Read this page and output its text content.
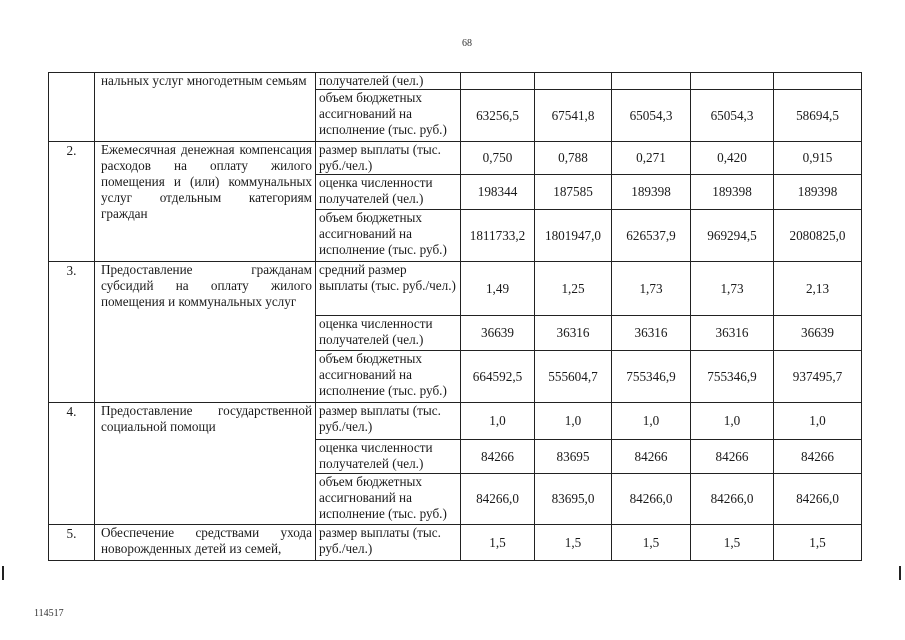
68
	нальных услуг многодетным семьям	получателей (чел.)					
		объем бюджетных ассигнований на исполнение (тыс. руб.)	63256,5	67541,8	65054,3	65054,3	58694,5
2.	Ежемесячная денежная компенсация расходов на оплату жилого помещения и (или) коммунальных услуг отдельным категориям граждан	размер выплаты (тыс. руб./чел.)	0,750	0,788	0,271	0,420	0,915
		оценка численности получателей (чел.)	198344	187585	189398	189398	189398
		объем бюджетных ассигнований на исполнение (тыс. руб.)	1811733,2	1801947,0	626537,9	969294,5	2080825,0
3.	Предоставление гражданам субсидий на оплату жилого помещения и коммунальных услуг	средний размер выплаты (тыс. руб./чел.)	1,49	1,25	1,73	1,73	2,13
		оценка численности получателей (чел.)	36639	36316	36316	36316	36639
		объем бюджетных ассигнований на исполнение (тыс. руб.)	664592,5	555604,7	755346,9	755346,9	937495,7
4.	Предоставление государственной социальной помощи	размер выплаты (тыс. руб./чел.)	1,0	1,0	1,0	1,0	1,0
		оценка численности получателей (чел.)	84266	83695	84266	84266	84266
		объем бюджетных ассигнований на исполнение (тыс. руб.)	84266,0	83695,0	84266,0	84266,0	84266,0
5.	Обеспечение средствами ухода новорожденных детей из семей,	размер выплаты (тыс. руб./чел.)	1,5	1,5	1,5	1,5	1,5
114517
